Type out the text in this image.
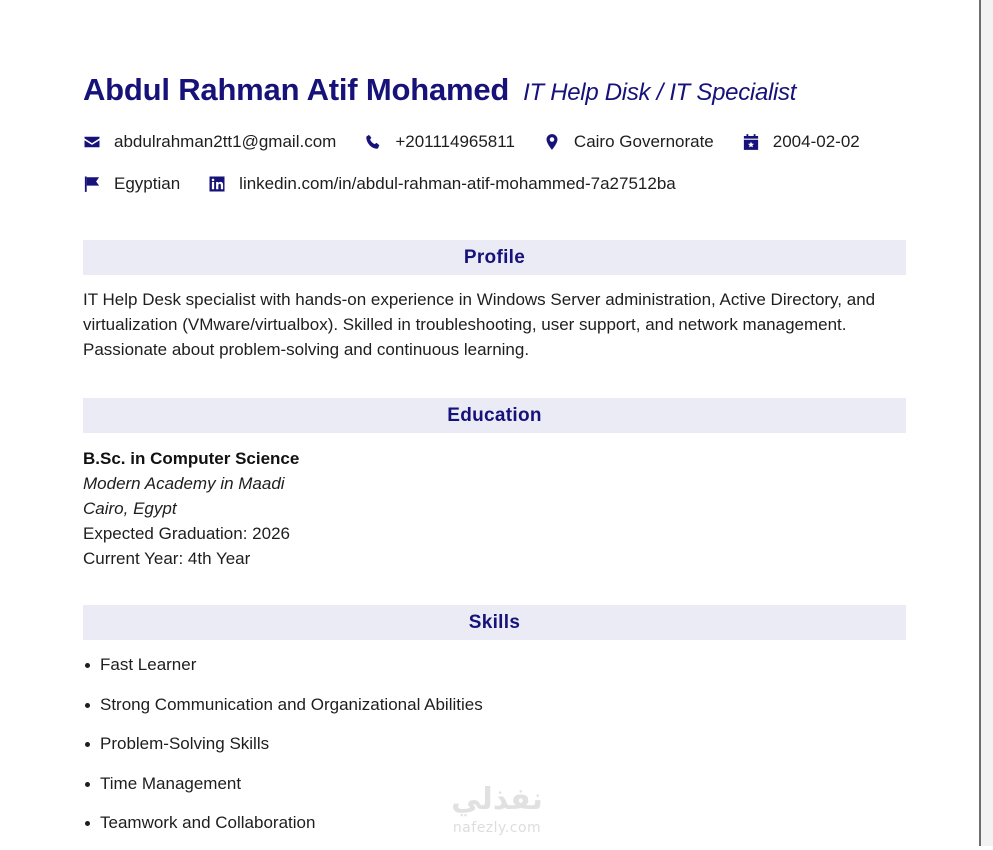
Abdul Rahman Atif Mohamed IT Help Disk / IT Specialist
abdulrahman2tt1@gmail.com	+201114965811	Cairo Governorate	2004-02-02
Egyptian	linkedin.com/in/abdul-rahman-atif-mohammed-7a27512ba
Profile
IT Help Desk specialist with hands-on experience in Windows Server administration, Active Directory, and virtualization (VMware/virtualbox). Skilled in troubleshooting, user support, and network management. Passionate about problem-solving and continuous learning.
Education
B.Sc. in Computer Science
Modern Academy in Maadi
Cairo, Egypt
Expected Graduation: 2026
Current Year: 4th Year
Skills
Fast Learner
Strong Communication and Organizational Abilities
Problem-Solving Skills
Time Management
Teamwork and Collaboration
نفذلي
nafezly.com
